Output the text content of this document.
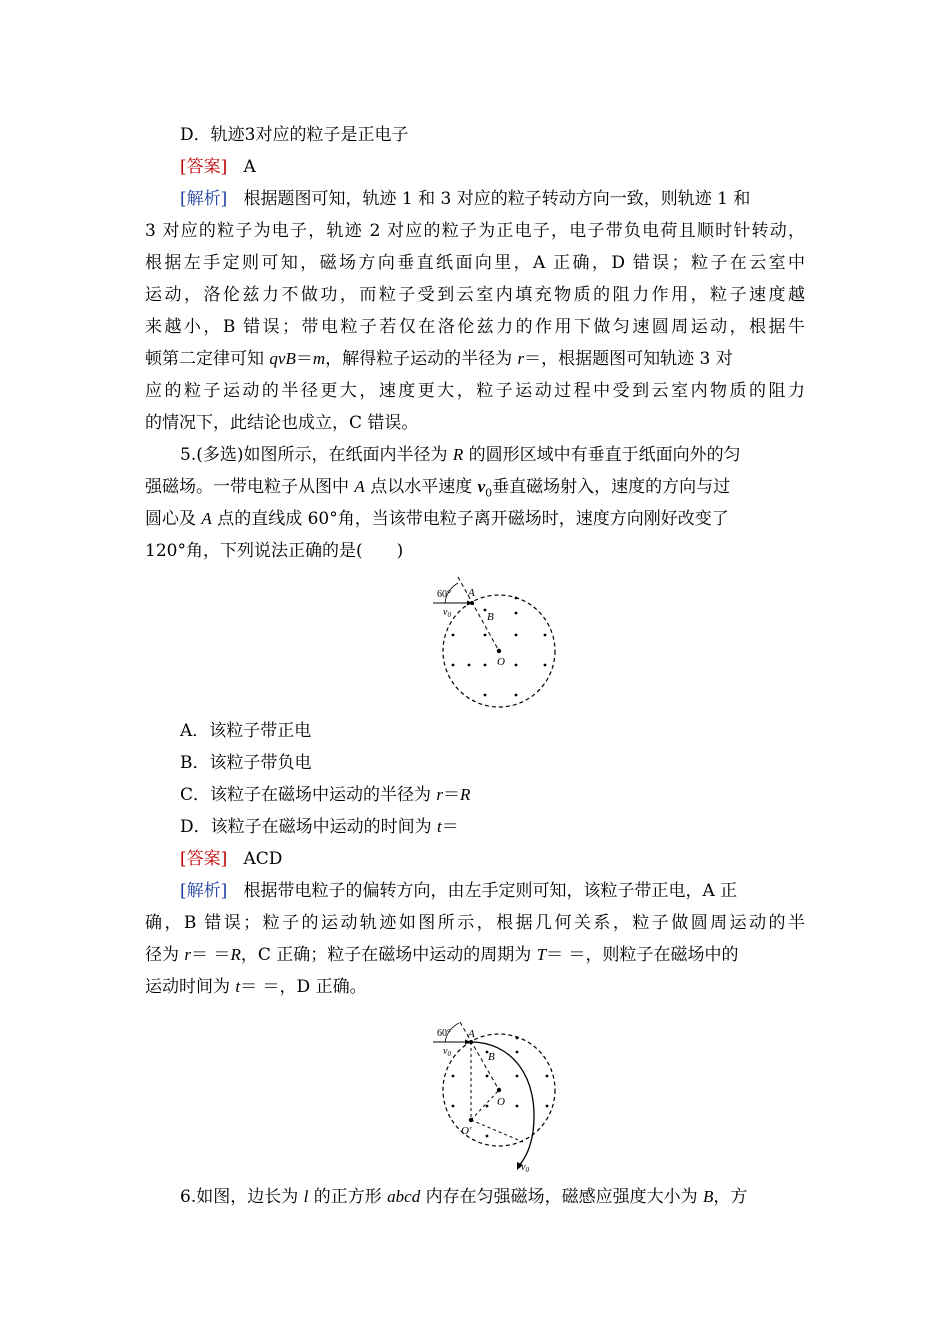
D．轨迹3对应的粒子是正电子
[答案] A
[解析] 根据题图可知，轨迹 1 和 3 对应的粒子转动方向一致，则轨迹 1 和
3 对应的粒子为电子，轨迹 2 对应的粒子为正电子，电子带负电荷且顺时针转动，
根据左手定则可知，磁场方向垂直纸面向里，A 正确，D 错误；粒子在云室中
运动，洛伦兹力不做功，而粒子受到云室内填充物质的阻力作用，粒子速度越
来越小，B 错误；带电粒子若仅在洛伦兹力的作用下做匀速圆周运动，根据牛
顿第二定律可知 qvB＝m，解得粒子运动的半径为 r＝，根据题图可知轨迹 3 对
应的粒子运动的半径更大，速度更大，粒子运动过程中受到云室内物质的阻力
的情况下，此结论也成立，C 错误。
5.(多选)如图所示，在纸面内半径为 R 的圆形区域中有垂直于纸面向外的匀
强磁场。一带电粒子从图中 A 点以水平速度 $v_0$垂直磁场射入，速度的方向与过
圆心及 A 点的直线成 60°角，当该带电粒子离开磁场时，速度方向刚好改变了
120°角，下列说法正确的是(　　)
60° A
B
O
$v_0$
A．该粒子带正电
B．该粒子带负电
C．该粒子在磁场中运动的半径为 r＝R
D．该粒子在磁场中运动的时间为 t＝
[答案] ACD
[解析] 根据带电粒子的偏转方向，由左手定则可知，该粒子带正电，A 正
确，B 错误；粒子的运动轨迹如图所示，根据几何关系，粒子做圆周运动的半
径为 r＝ ＝R，C 正确；粒子在磁场中运动的周期为 T＝ ＝，则粒子在磁场中的
运动时间为 t＝ ＝，D 正确。
60° A
B
O
O′
$v_0$
$v_0$
6.如图，边长为 l 的正方形 abcd 内存在匀强磁场，磁感应强度大小为 B，方
